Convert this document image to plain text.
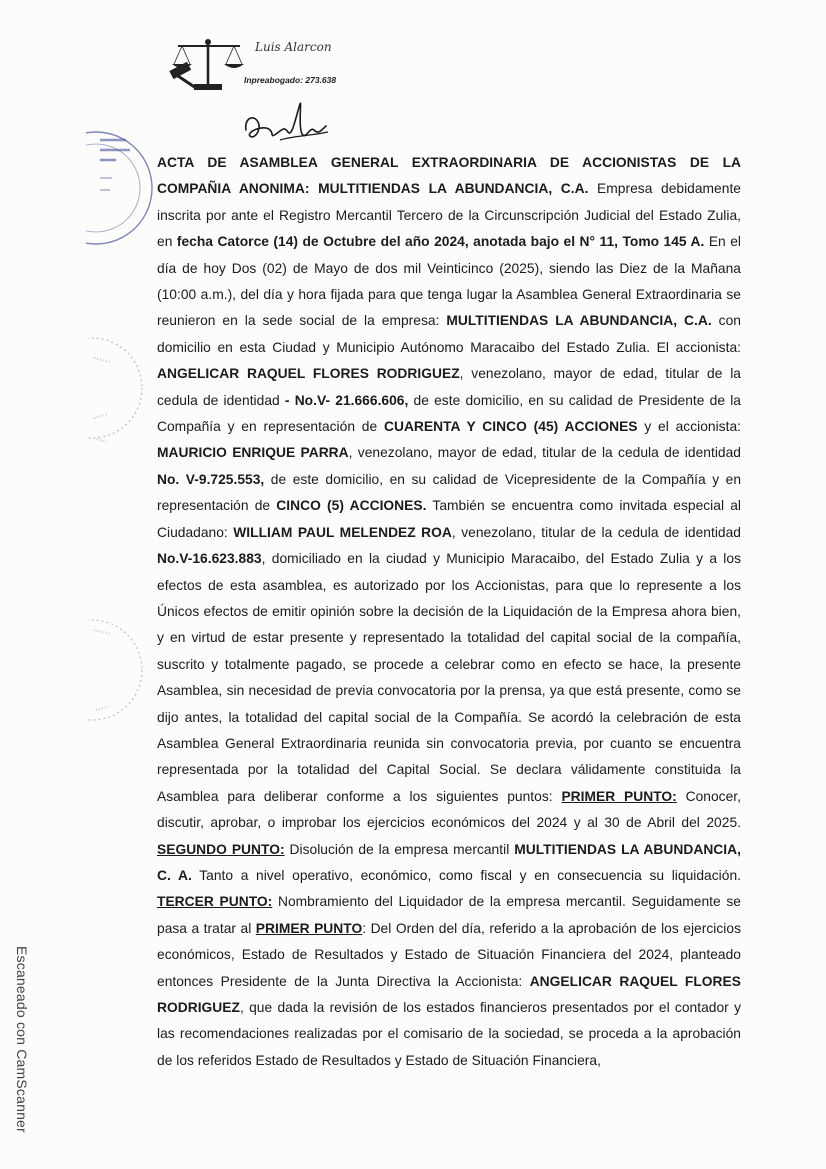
Luis Alarcon
Inpreabogado: 273.638

ACTA DE ASAMBLEA GENERAL EXTRAORDINARIA DE ACCIONISTAS DE LA COMPAÑIA ANONIMA: MULTITIENDAS LA ABUNDANCIA, C.A. Empresa debidamente inscrita por ante el Registro Mercantil Tercero de la Circunscripción Judicial del Estado Zulia, en fecha Catorce (14) de Octubre del año 2024, anotada bajo el N° 11, Tomo 145 A. En el día de hoy Dos (02) de Mayo de dos mil Veinticinco (2025), siendo las Diez de la Mañana (10:00 a.m.), del día y hora fijada para que tenga lugar la Asamblea General Extraordinaria se reunieron en la sede social de la empresa: MULTITIENDAS LA ABUNDANCIA, C.A. con domicilio en esta Ciudad y Municipio Autónomo Maracaibo del Estado Zulia. El accionista: ANGELICAR RAQUEL FLORES RODRIGUEZ, venezolano, mayor de edad, titular de la cedula de identidad - No.V- 21.666.606, de este domicilio, en su calidad de Presidente de la Compañía y en representación de CUARENTA Y CINCO (45) ACCIONES y el accionista: MAURICIO ENRIQUE PARRA, venezolano, mayor de edad, titular de la cedula de identidad No. V-9.725.553, de este domicilio, en su calidad de Vicepresidente de la Compañía y en representación de CINCO (5) ACCIONES. También se encuentra como invitada especial al Ciudadano: WILLIAM PAUL MELENDEZ ROA, venezolano, titular de la cedula de identidad No.V-16.623.883, domiciliado en la ciudad y Municipio Maracaibo, del Estado Zulia y a los efectos de esta asamblea, es autorizado por los Accionistas, para que lo represente a los Únicos efectos de emitir opinión sobre la decisión de la Liquidación de la Empresa ahora bien, y en virtud de estar presente y representado la totalidad del capital social de la compañía, suscrito y totalmente pagado, se procede a celebrar como en efecto se hace, la presente Asamblea, sin necesidad de previa convocatoria por la prensa, ya que está presente, como se dijo antes, la totalidad del capital social de la Compañía. Se acordó la celebración de esta Asamblea General Extraordinaria reunida sin convocatoria previa, por cuanto se encuentra representada por la totalidad del Capital Social. Se declara válidamente constituida la Asamblea para deliberar conforme a los siguientes puntos: PRIMER PUNTO: Conocer, discutir, aprobar, o improbar los ejercicios económicos del 2024 y al 30 de Abril del 2025. SEGUNDO PUNTO: Disolución de la empresa mercantil MULTITIENDAS LA ABUNDANCIA, C. A. Tanto a nivel operativo, económico, como fiscal y en consecuencia su liquidación. TERCER PUNTO: Nombramiento del Liquidador de la empresa mercantil. Seguidamente se pasa a tratar al PRIMER PUNTO: Del Orden del día, referido a la aprobación de los ejercicios económicos, Estado de Resultados y Estado de Situación Financiera del 2024, planteado entonces Presidente de la Junta Directiva la Accionista: ANGELICAR RAQUEL FLORES RODRIGUEZ, que dada la revisión de los estados financieros presentados por el contador y las recomendaciones realizadas por el comisario de la sociedad, se proceda a la aprobación de los referidos Estado de Resultados y Estado de Situación Financiera,

Escaneado con CamScanner
